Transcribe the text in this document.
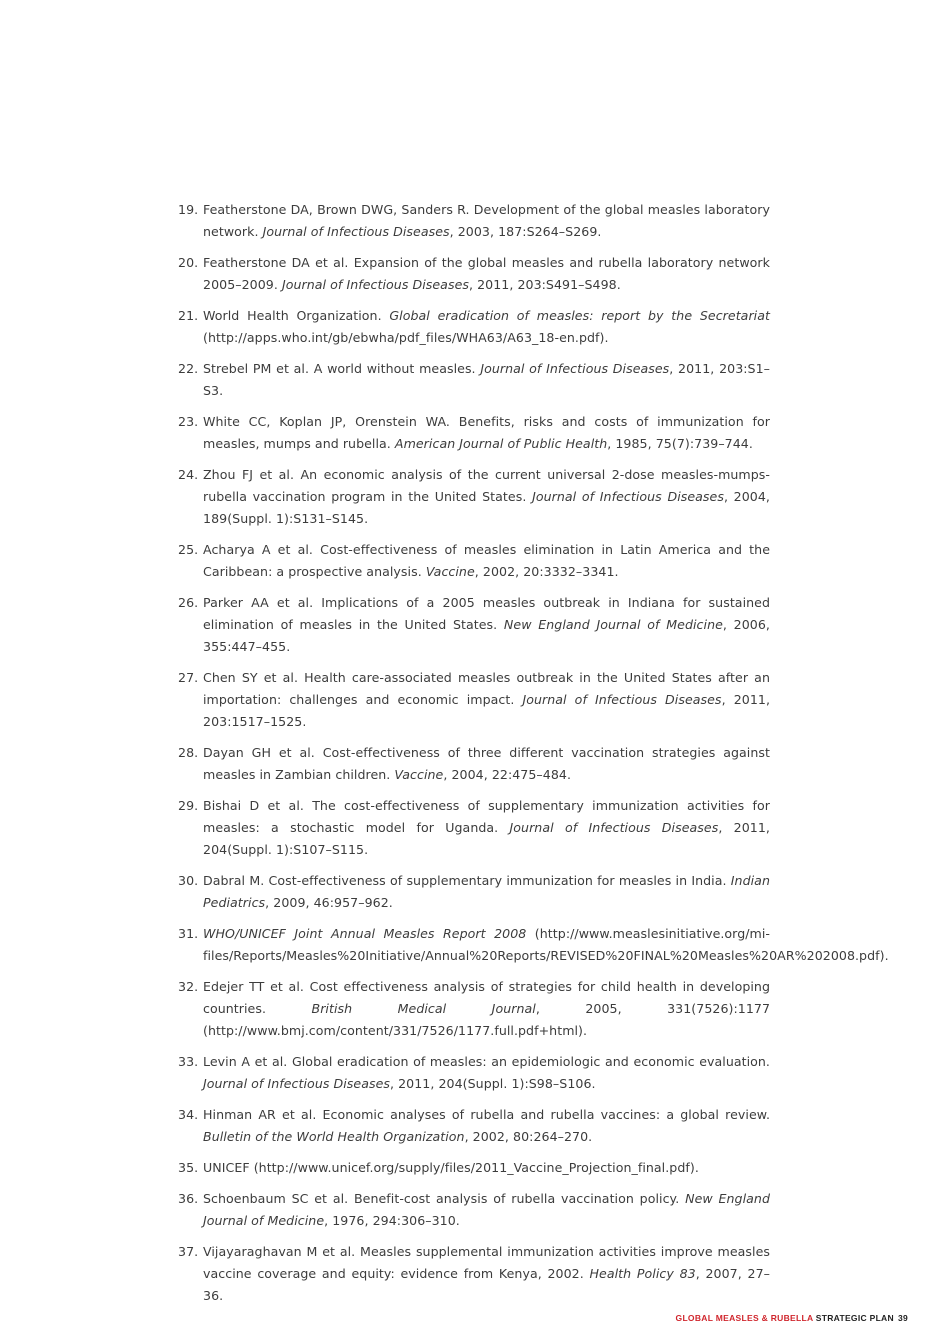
19. Featherstone DA, Brown DWG, Sanders R. Development of the global measles laboratory network. Journal of Infectious Diseases, 2003, 187:S264–S269.
20. Featherstone DA et al. Expansion of the global measles and rubella laboratory network 2005–2009. Journal of Infectious Diseases, 2011, 203:S491–S498.
21. World Health Organization. Global eradication of measles: report by the Secretariat (http://apps.who.int/gb/ebwha/pdf_files/WHA63/A63_18-en.pdf).
22. Strebel PM et al. A world without measles. Journal of Infectious Diseases, 2011, 203:S1–S3.
23. White CC, Koplan JP, Orenstein WA. Benefits, risks and costs of immunization for measles, mumps and rubella. American Journal of Public Health, 1985, 75(7):739–744.
24. Zhou FJ et al. An economic analysis of the current universal 2-dose measles-mumps-rubella vaccination program in the United States. Journal of Infectious Diseases, 2004, 189(Suppl. 1):S131–S145.
25. Acharya A et al. Cost-effectiveness of measles elimination in Latin America and the Caribbean: a prospective analysis. Vaccine, 2002, 20:3332–3341.
26. Parker AA et al. Implications of a 2005 measles outbreak in Indiana for sustained elimination of measles in the United States. New England Journal of Medicine, 2006, 355:447–455.
27. Chen SY et al. Health care-associated measles outbreak in the United States after an importation: challenges and economic impact. Journal of Infectious Diseases, 2011, 203:1517–1525.
28. Dayan GH et al. Cost-effectiveness of three different vaccination strategies against measles in Zambian children. Vaccine, 2004, 22:475–484.
29. Bishai D et al. The cost-effectiveness of supplementary immunization activities for measles: a stochastic model for Uganda. Journal of Infectious Diseases, 2011, 204(Suppl. 1):S107–S115.
30. Dabral M. Cost-effectiveness of supplementary immunization for measles in India. Indian Pediatrics, 2009, 46:957–962.
31. WHO/UNICEF Joint Annual Measles Report 2008 (http://www.measlesinitiative.org/mi-files/Reports/Measles%20Initiative/Annual%20Reports/REVISED%20FINAL%20Measles%20AR%202008.pdf).
32. Edejer TT et al. Cost effectiveness analysis of strategies for child health in developing countries. British Medical Journal, 2005, 331(7526):1177 (http://www.bmj.com/content/331/7526/1177.full.pdf+html).
33. Levin A et al. Global eradication of measles: an epidemiologic and economic evaluation. Journal of Infectious Diseases, 2011, 204(Suppl. 1):S98–S106.
34. Hinman AR et al. Economic analyses of rubella and rubella vaccines: a global review. Bulletin of the World Health Organization, 2002, 80:264–270.
35. UNICEF (http://www.unicef.org/supply/files/2011_Vaccine_Projection_final.pdf).
36. Schoenbaum SC et al. Benefit-cost analysis of rubella vaccination policy. New England Journal of Medicine, 1976, 294:306–310.
37. Vijayaraghavan M et al. Measles supplemental immunization activities improve measles vaccine coverage and equity: evidence from Kenya, 2002. Health Policy 83, 2007, 27–36.
GLOBAL MEASLES & RUBELLA STRATEGIC PLAN 39
